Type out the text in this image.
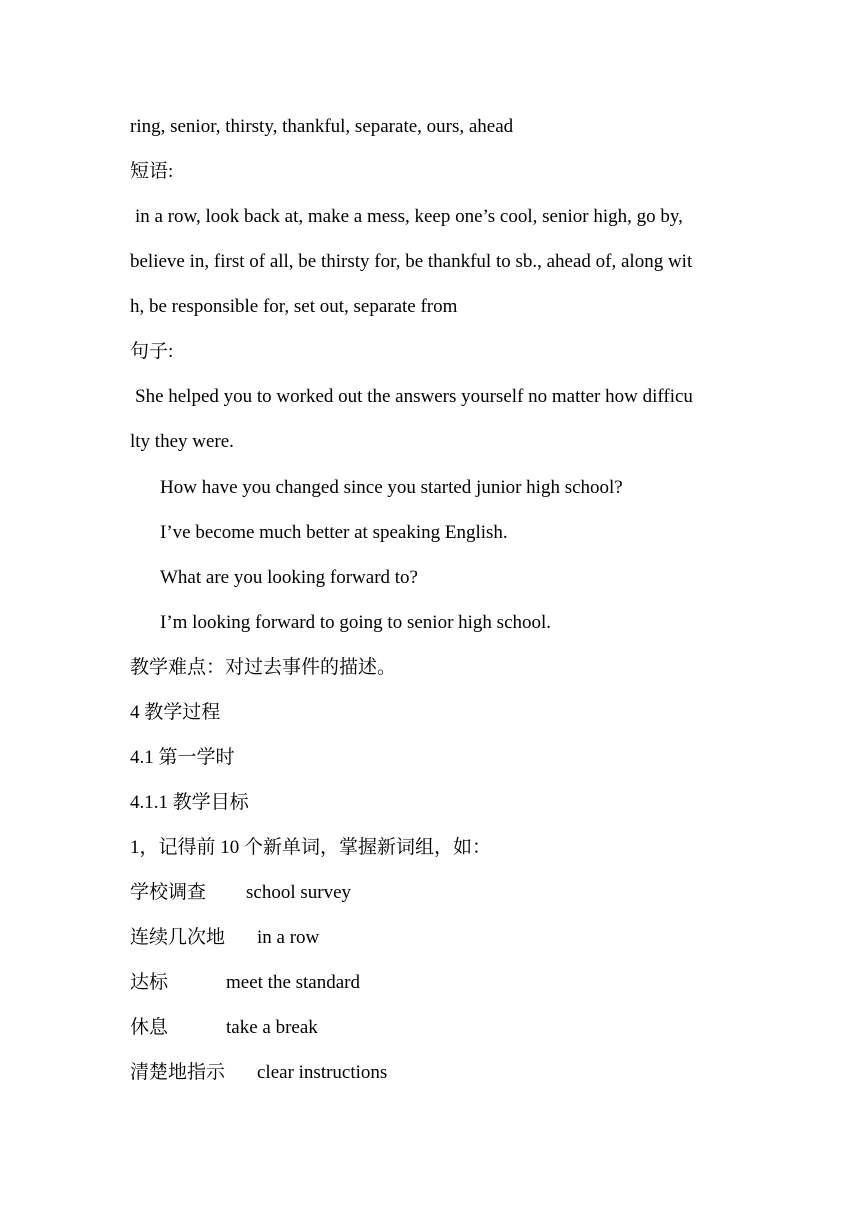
ring, senior, thirsty, thankful, separate, ours, ahead
短语:
in a row, look back at, make a mess, keep one’s cool, senior high, go by,
believe in, first of all, be thirsty for, be thankful to sb., ahead of, along wit
h, be responsible for, set out, separate from
句子:
She helped you to worked out the answers yourself no matter how difficu
lty they were.
How have you changed since you started junior high school?
I’ve become much better at speaking English.
What are you looking forward to?
I’m looking forward to going to senior high school.
教学难点：对过去事件的描述。
4 教学过程
4.1 第一学时
4.1.1 教学目标
1，记得前 10 个新单词，掌握新词组，如：
学校调查 school survey
连续几次地 in a row
达标	meet the standard
休息	take a break
清楚地指示 clear instructions
